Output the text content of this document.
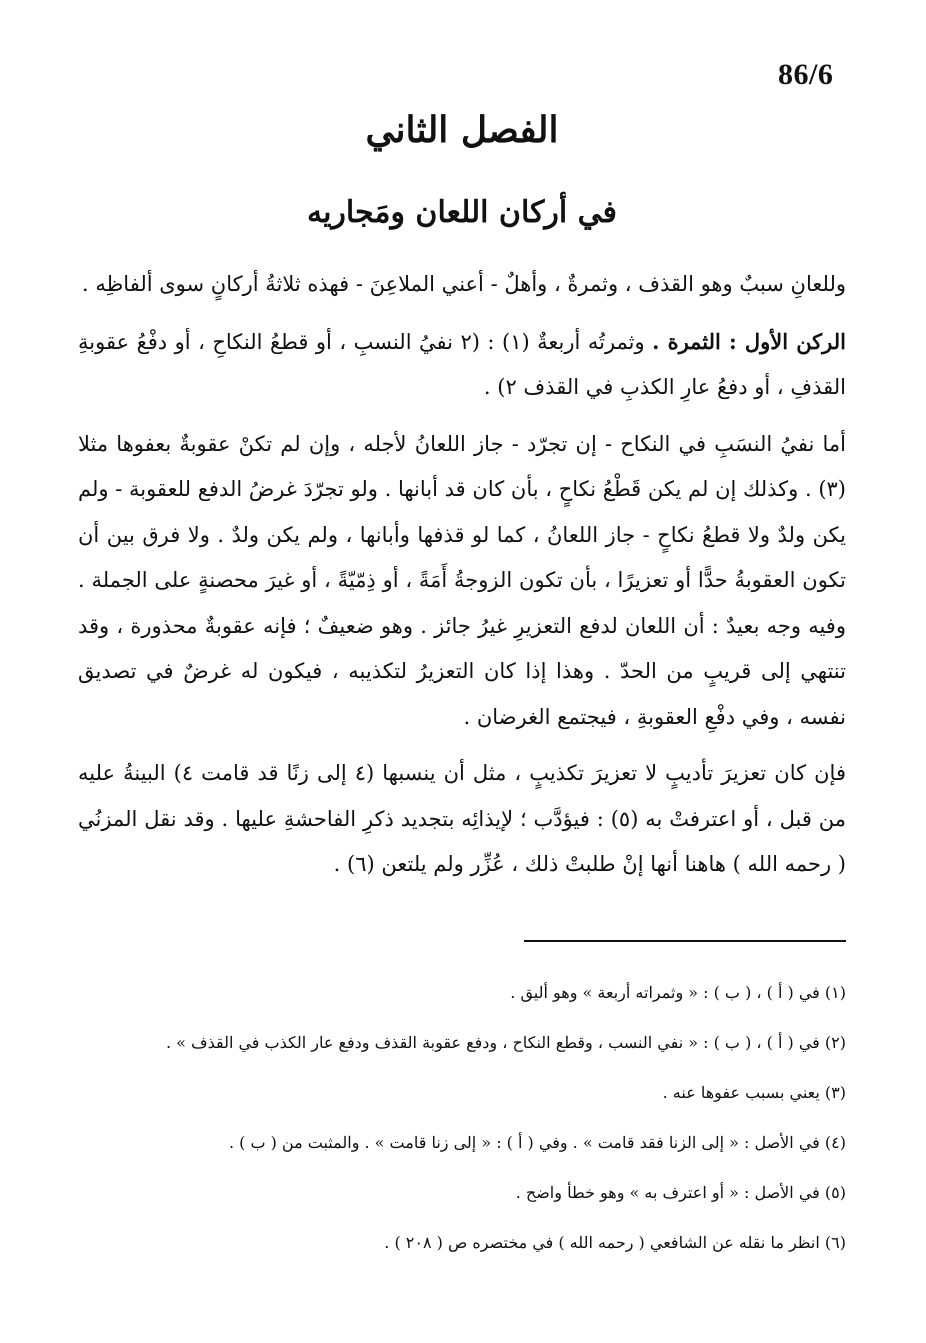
86/6
الفصل الثاني
في أركان اللعان ومَجاريه

وللعانِ سببٌ وهو القذف ، وثمرةٌ ، وأهلٌ - أعني الملاعِنَ - فهذه ثلاثةُ أركانٍ سوى ألفاظِه .

الركن الأول : الثمرة . وثمرتُه أربعةٌ (١) : (٢ نفيُ النسبِ ، أو قطعُ النكاحِ ، أو دفْعُ عقوبةِ القذفِ ، أو دفعُ عارِ الكذبِ في القذف ٢) .

أما نفيُ النسَبِ في النكاح - إن تجرّد - جاز اللعانُ لأجله ، وإن لم تكنْ عقوبةٌ بعفوها مثلا (٣) . وكذلك إن لم يكن قَطْعُ نكاحٍ ، بأن كان قد أبانها . ولو تجرّدَ غرضُ الدفع للعقوبة - ولم يكن ولدٌ ولا قطعُ نكاحٍ - جاز اللعانُ ، كما لو قذفها وأبانها ، ولم يكن ولدٌ . ولا فرق بين أن تكون العقوبةُ حدًّا أو تعزيرًا ، بأن تكون الزوجةُ أَمَةً ، أو ذِمّيّةً ، أو غيرَ محصنةٍ على الجملة . وفيه وجه بعيدٌ : أن اللعان لدفع التعزيرِ غيرُ جائز . وهو ضعيفٌ ؛ فإنه عقوبةٌ محذورة ، وقد تنتهي إلى قريبٍ من الحدّ . وهذا إذا كان التعزيرُ لتكذيبه ، فيكون له غرضٌ في تصديق نفسه ، وفي دفْعِ العقوبةِ ، فيجتمع الغرضان .

فإن كان تعزيرَ تأديبٍ لا تعزيرَ تكذيبٍ ، مثل أن ينسبها (٤ إلى زنًا قد قامت ٤) البينةُ عليه من قبل ، أو اعترفتْ به (٥) : فيؤدَّب ؛ لإيذائِه بتجديد ذكرِ الفاحشةِ عليها . وقد نقل المزنُي ( رحمه الله ) هاهنا أنها إنْ طلبتْ ذلك ، عُزِّر ولم يلتعن (٦) .

(١) في ( أ ) ، ( ب ) : « وثمراته أربعة » وهو أليق .

(٢) في ( أ ) ، ( ب ) : « نفي النسب ، وقطع النكاح ، ودفع عقوبة القذف ودفع عار الكذب في القذف » .

(٣) يعني بسبب عفوها عنه .

(٤) في الأصل : « إلى الزنا فقد قامت » . وفي ( أ ) : « إلى زنا قامت » . والمثبت من ( ب ) .

(٥) في الأصل : « أو اعترف به » وهو خطأ واضح .

(٦) انظر ما نقله عن الشافعي ( رحمه الله ) في مختصره ص ( ٢٠٨ ) .
